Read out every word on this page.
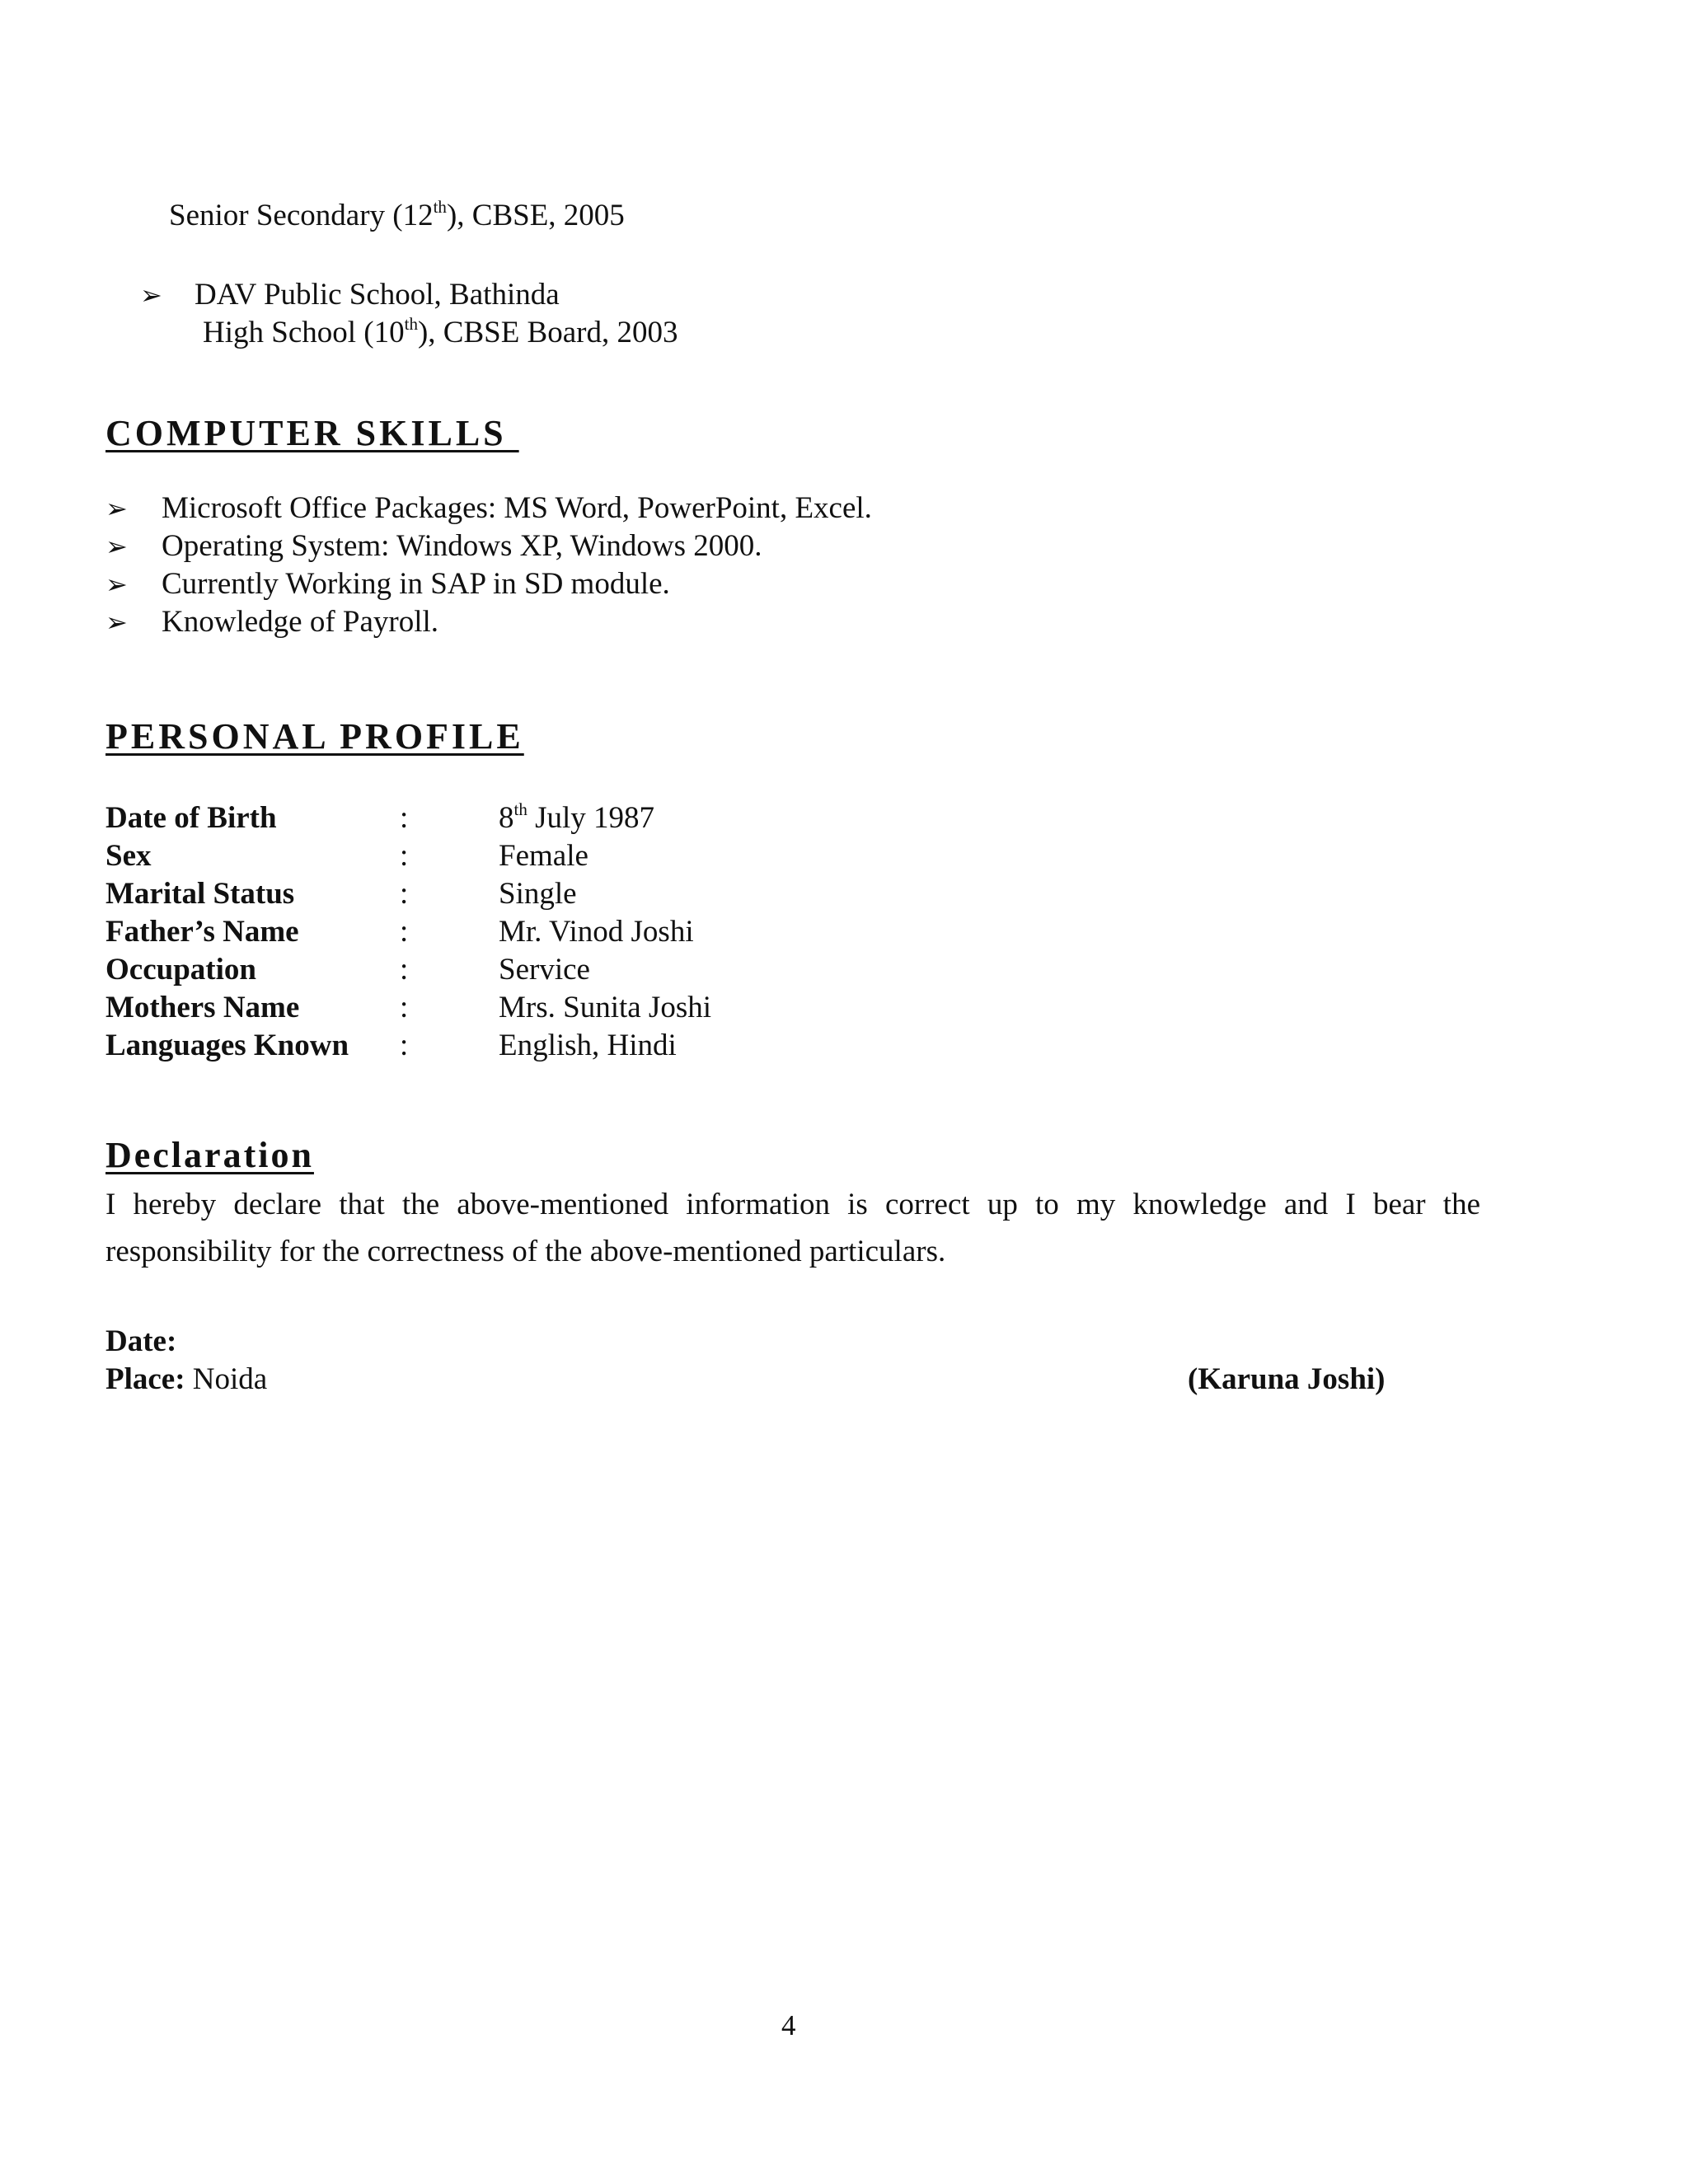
Senior Secondary (12th), CBSE, 2005
➢ DAV Public School, Bathinda
High School (10th), CBSE Board, 2003
COMPUTER SKILLS
➢ Microsoft Office Packages: MS Word, PowerPoint, Excel.
➢ Operating System: Windows XP, Windows 2000.
➢ Currently Working in SAP in SD module.
➢ Knowledge of Payroll.
PERSONAL PROFILE
Date of Birth	:	8th July 1987
Sex	:	Female
Marital Status	:	Single
Father’s Name	:	Mr. Vinod Joshi
Occupation	:	Service
Mothers Name	:	Mrs. Sunita Joshi
Languages Known :	English, Hindi
Declaration
I hereby declare that the above-mentioned information is correct up to my knowledge and I bear the responsibility for the correctness of the above-mentioned particulars.
Date:
Place: Noida	(Karuna Joshi)
4
